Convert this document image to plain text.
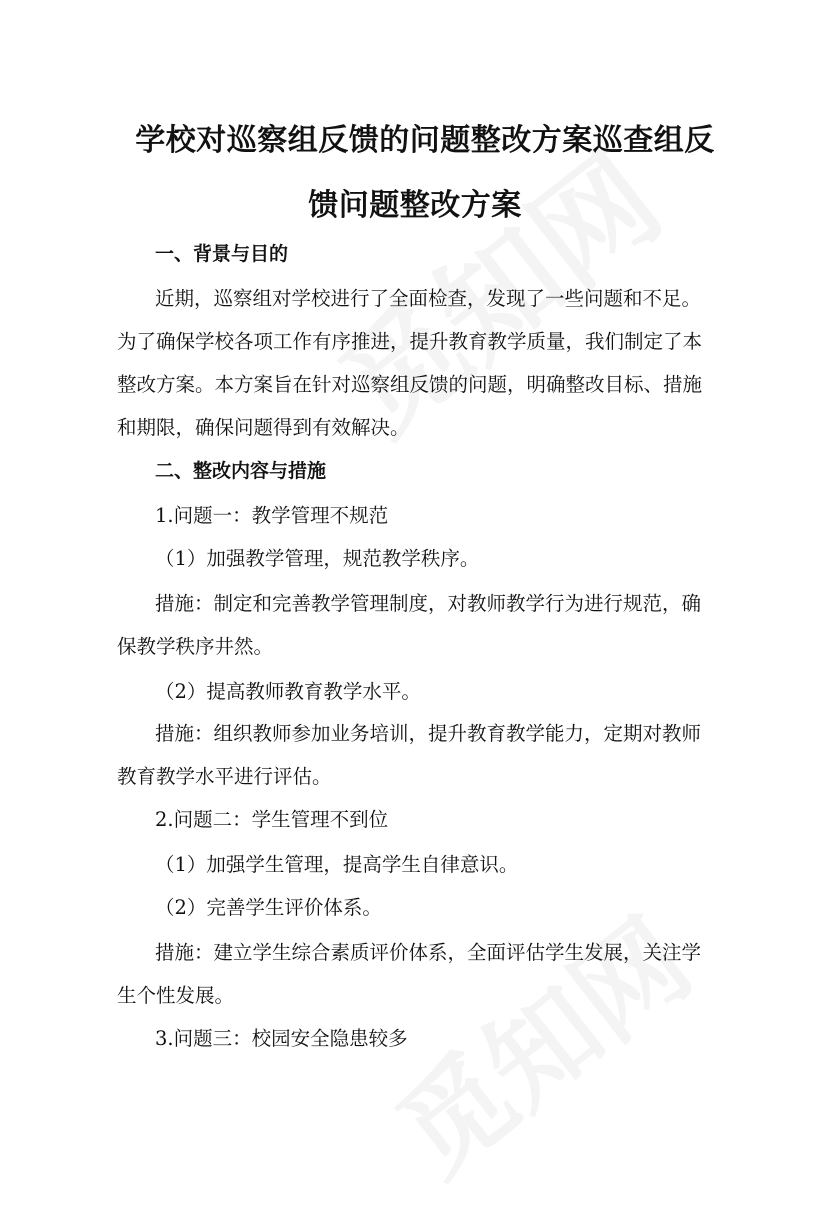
学校对巡察组反馈的问题整改方案巡查组反
馈问题整改方案

一、背景与目的

近期，巡察组对学校进行了全面检查，发现了一些问题和不足。

为了确保学校各项工作有序推进，提升教育教学质量，我们制定了本

整改方案。本方案旨在针对巡察组反馈的问题，明确整改目标、措施

和期限，确保问题得到有效解决。

二、整改内容与措施

1.问题一：教学管理不规范

（1）加强教学管理，规范教学秩序。

措施：制定和完善教学管理制度，对教师教学行为进行规范，确

保教学秩序井然。

（2）提高教师教育教学水平。

措施：组织教师参加业务培训，提升教育教学能力，定期对教师

教育教学水平进行评估。

2.问题二：学生管理不到位

（1）加强学生管理，提高学生自律意识。

（2）完善学生评价体系。

措施：建立学生综合素质评价体系，全面评估学生发展，关注学

生个性发展。

3.问题三：校园安全隐患较多
